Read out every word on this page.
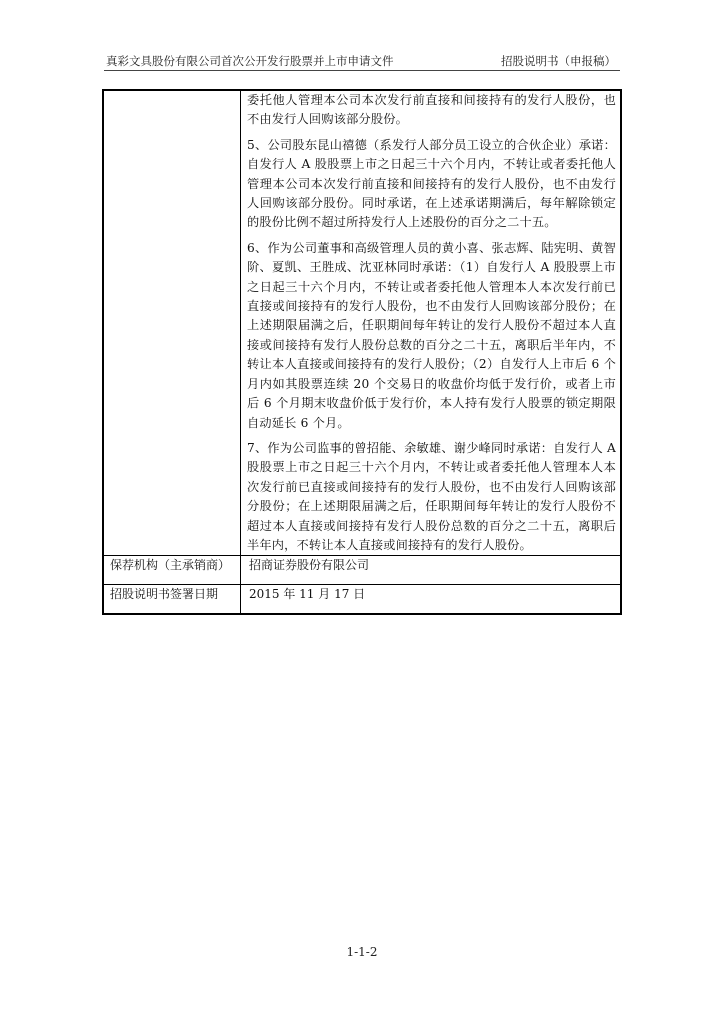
真彩文具股份有限公司首次公开发行股票并上市申请文件	招股说明书（申报稿）

	委托他人管理本公司本次发行前直接和间接持有的发行人股份，也不由发行人回购该部分股份。
5、公司股东昆山禧德（系发行人部分员工设立的合伙企业）承诺：自发行人 A 股股票上市之日起三十六个月内，不转让或者委托他人管理本公司本次发行前直接和间接持有的发行人股份，也不由发行人回购该部分股份。同时承诺，在上述承诺期满后，每年解除锁定的股份比例不超过所持发行人上述股份的百分之二十五。
6、作为公司董事和高级管理人员的黄小喜、张志辉、陆宪明、黄智阶、夏凯、王胜成、沈亚林同时承诺：（1）自发行人 A 股股票上市之日起三十六个月内，不转让或者委托他人管理本人本次发行前已直接或间接持有的发行人股份，也不由发行人回购该部分股份；在上述期限届满之后，任职期间每年转让的发行人股份不超过本人直接或间接持有发行人股份总数的百分之二十五，离职后半年内，不转让本人直接或间接持有的发行人股份；（2）自发行人上市后 6 个月内如其股票连续 20 个交易日的收盘价均低于发行价，或者上市后 6 个月期末收盘价低于发行价，本人持有发行人股票的锁定期限自动延长 6 个月。
7、作为公司监事的曾招能、余敏雄、谢少峰同时承诺：自发行人 A 股股票上市之日起三十六个月内，不转让或者委托他人管理本人本次发行前已直接或间接持有的发行人股份，也不由发行人回购该部分股份；在上述期限届满之后，任职期间每年转让的发行人股份不超过本人直接或间接持有发行人股份总数的百分之二十五，离职后半年内，不转让本人直接或间接持有的发行人股份。

保荐机构（主承销商）	招商证券股份有限公司
招股说明书签署日期	2015 年 11 月 17 日
1-1-2
